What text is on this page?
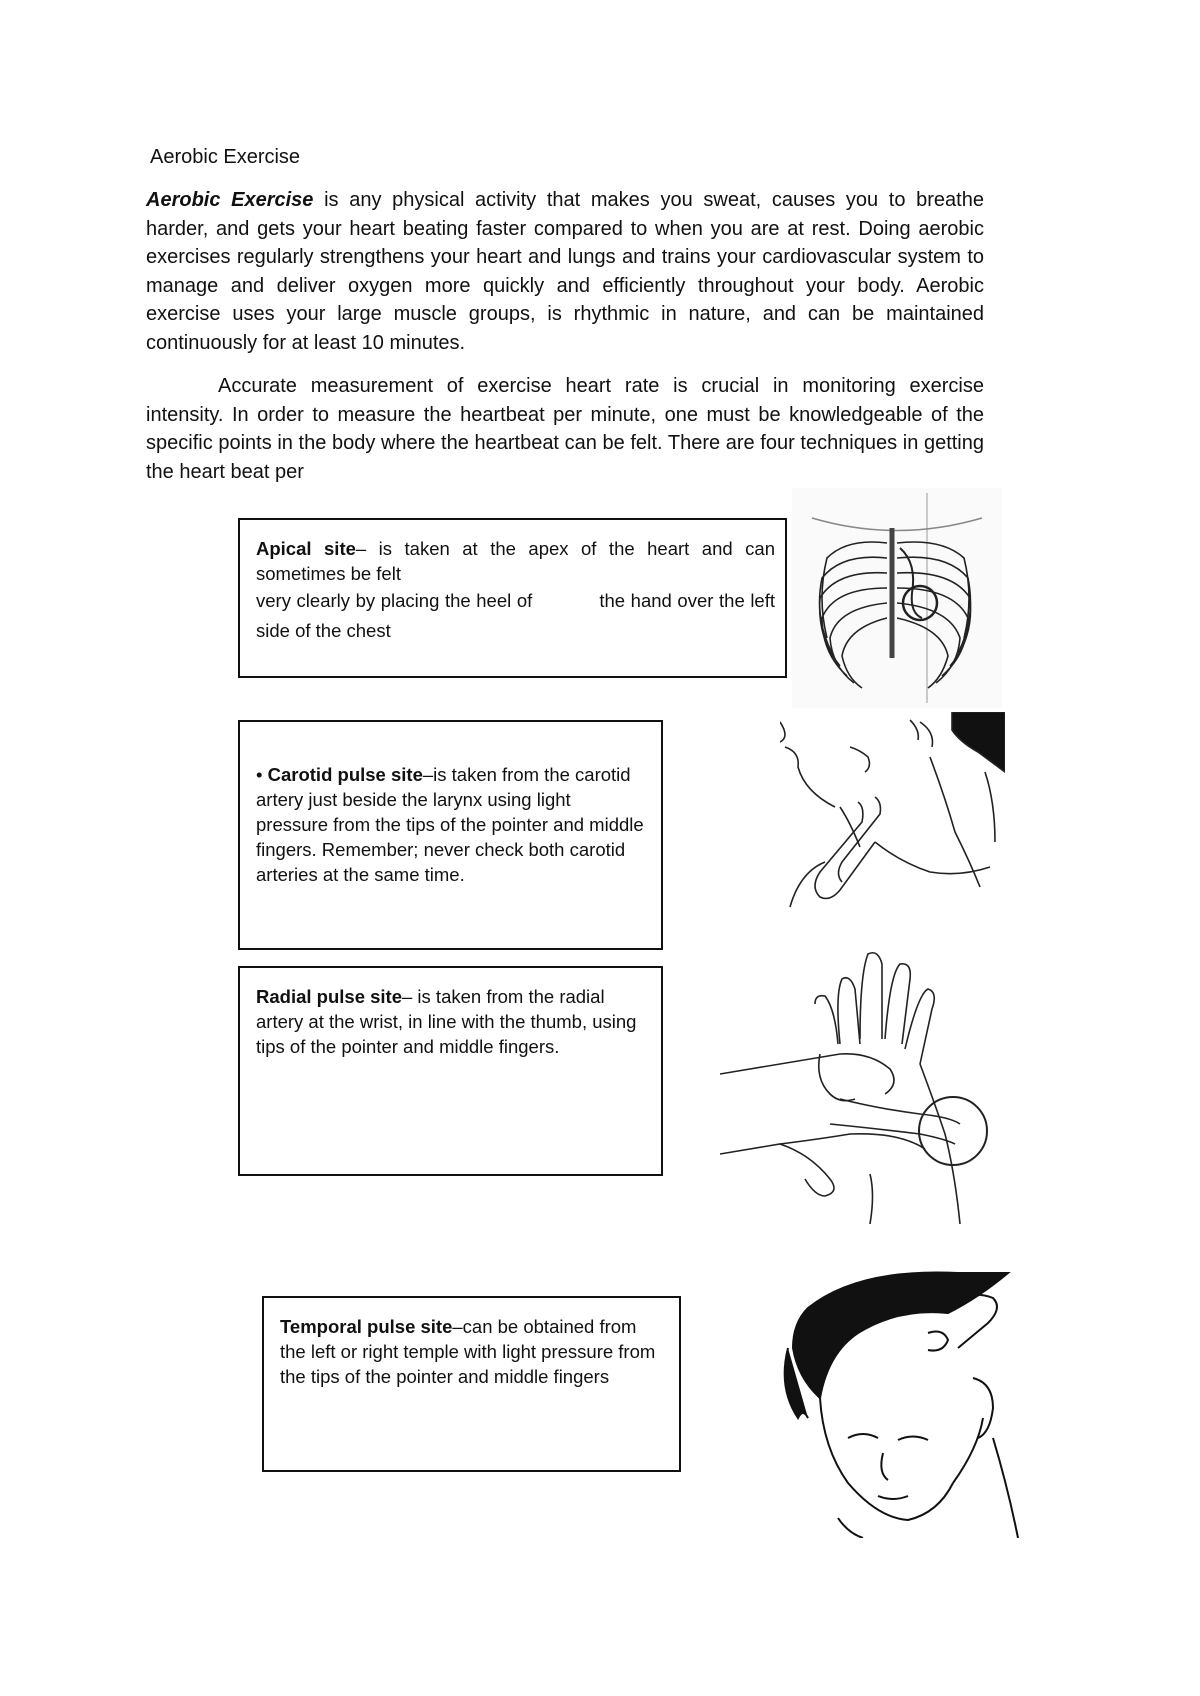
Aerobic Exercise

Aerobic Exercise is any physical activity that makes you sweat, causes you to breathe harder, and gets your heart beating faster compared to when you are at rest. Doing aerobic exercises regularly strengthens your heart and lungs and trains your cardiovascular system to manage and deliver oxygen more quickly and efficiently throughout your body. Aerobic exercise uses your large muscle groups, is rhythmic in nature, and can be maintained continuously for at least 10 minutes.

Accurate measurement of exercise heart rate is crucial in monitoring exercise intensity. In order to measure the heartbeat per minute, one must be knowledgeable of the specific points in the body where the heartbeat can be felt. There are four techniques in getting the heart beat per

Apical site– is taken at the apex of the heart and can sometimes be felt

very clearly by placing the heel of            the hand over the left side of the chest

• Carotid pulse site–is taken from the carotid artery just beside the larynx using light pressure from the tips of the pointer and middle fingers. Remember; never check both carotid arteries at the same time.

Radial pulse site– is taken from the radial artery at the wrist, in line with the thumb, using tips of the pointer and middle fingers.

Temporal pulse site–can be obtained from the left or right temple with light pressure from the tips of the pointer and middle fingers
